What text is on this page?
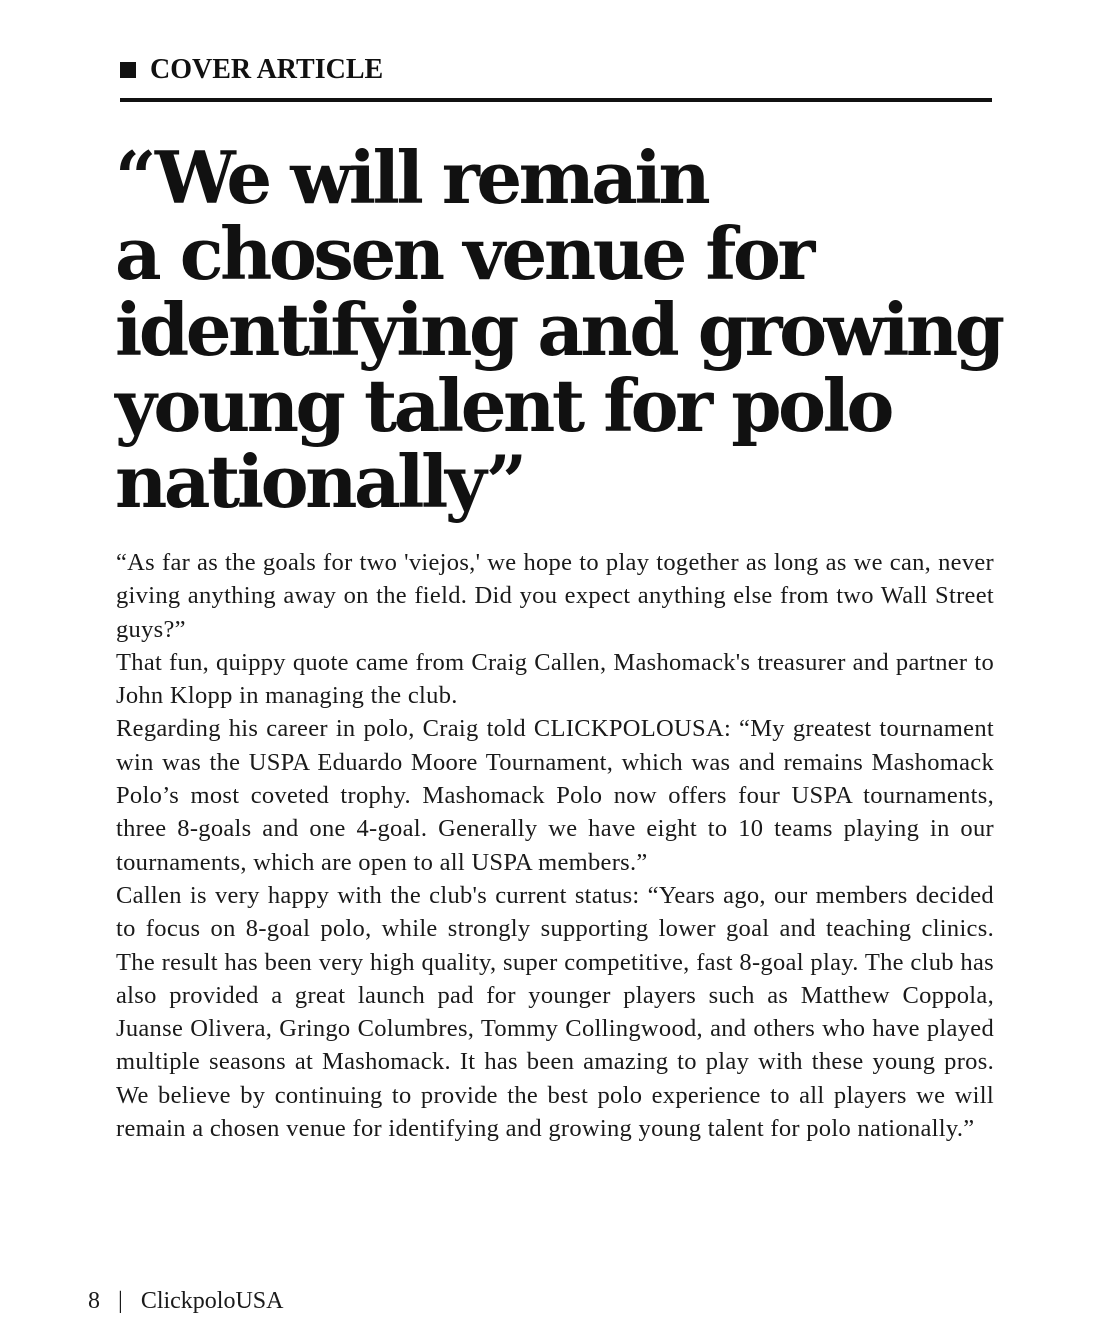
COVER ARTICLE
“We will remain
a chosen venue for
identifying and growing
young talent for polo
nationally”

“As far as the goals for two 'viejos,' we hope to play together as long as we can, never giving anything away on the field. Did you expect anything else from two Wall Street guys?”

That fun, quippy quote came from Craig Callen, Mashomack's treasurer and partner to John Klopp in managing the club.

Regarding his career in polo, Craig told CLICKPOLOUSA: “My greatest tournament win was the USPA Eduardo Moore Tournament, which was and remains Mashomack Polo’s most coveted trophy. Mashomack Polo now offers four USPA tournaments, three 8-goals and one 4-goal. Generally we have eight to 10 teams playing in our tournaments, which are open to all USPA members.”

Callen is very happy with the club's current status: “Years ago, our members decided to focus on 8-goal polo, while strongly supporting lower goal and teaching clinics. The result has been very high quality, super competitive, fast 8-goal play. The club has also provided a great launch pad for younger players such as Matthew Coppola, Juanse Olivera, Gringo Columbres, Tommy Collingwood, and others who have played multiple seasons at Mashomack. It has been amazing to play with these young pros. We believe by continuing to provide the best polo experience to all players we will remain a chosen venue for identifying and growing young talent for polo nationally.”

8 | ClickpoloUSA
